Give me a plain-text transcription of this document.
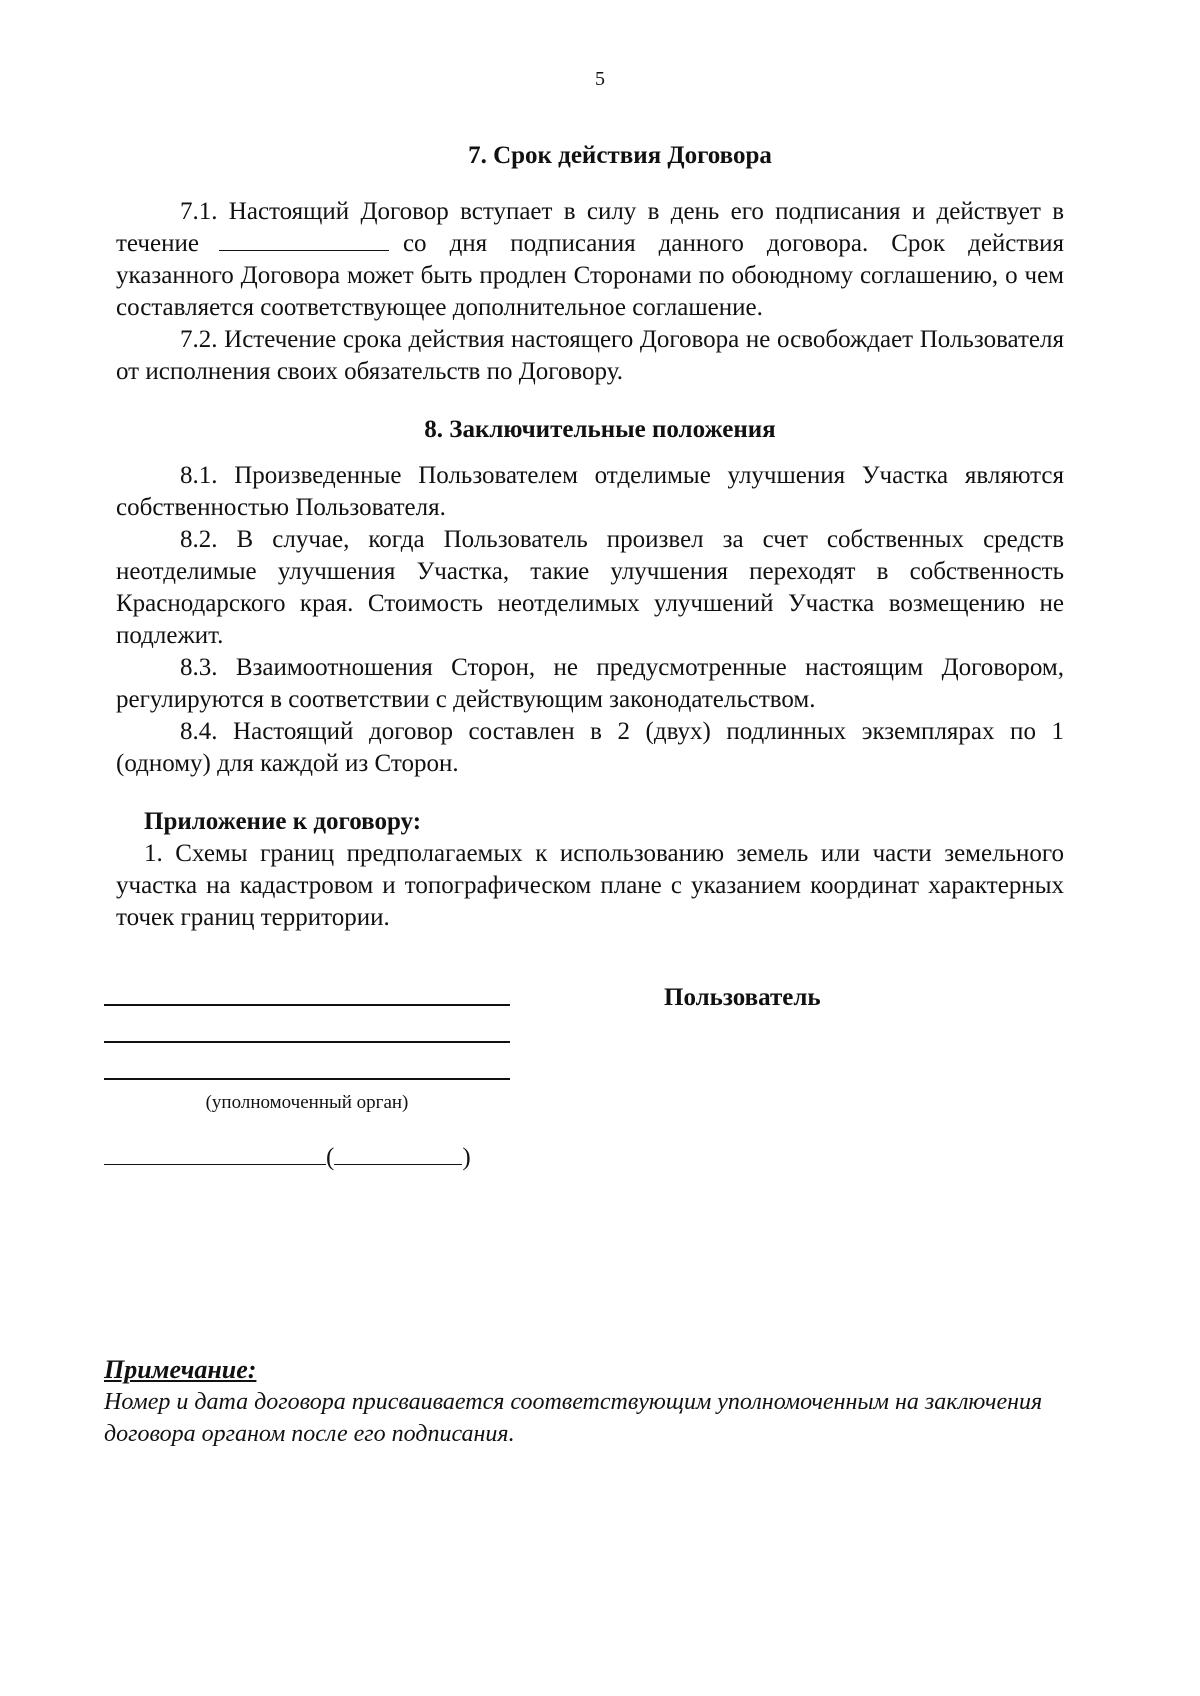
5
7. Срок действия Договора

7.1. Настоящий Договор вступает в силу в день его подписания и действует в течение	со дня подписания данного договора. Срок действия указанного Договора может быть продлен Сторонами по обоюдному соглашению, о чем составляется соответствующее дополнительное соглашение.

7.2. Истечение срока действия настоящего Договора не освобождает Пользователя от исполнения своих обязательств по Договору.

8. Заключительные положения

8.1. Произведенные Пользователем отделимые улучшения Участка являются собственностью Пользователя.

8.2. В случае, когда Пользователь произвел за счет собственных средств неотделимые улучшения Участка, такие улучшения переходят в собственность Краснодарского края. Стоимость неотделимых улучшений Участка возмещению не подлежит.

8.3. Взаимоотношения Сторон, не предусмотренные настоящим Договором, регулируются в соответствии с действующим законодательством.

8.4. Настоящий договор составлен в 2 (двух) подлинных экземплярах по 1 (одному) для каждой из Сторон.

Приложение к договору:

1. Схемы границ предполагаемых к использованию земель или части земельного участка на кадастровом и топографическом плане с указанием координат характерных точек границ территории.

Пользователь
(уполномоченный орган)
(	)
Примечание:
Номер и дата договора присваивается соответствующим уполномоченным на заключения договора органом после его подписания.
